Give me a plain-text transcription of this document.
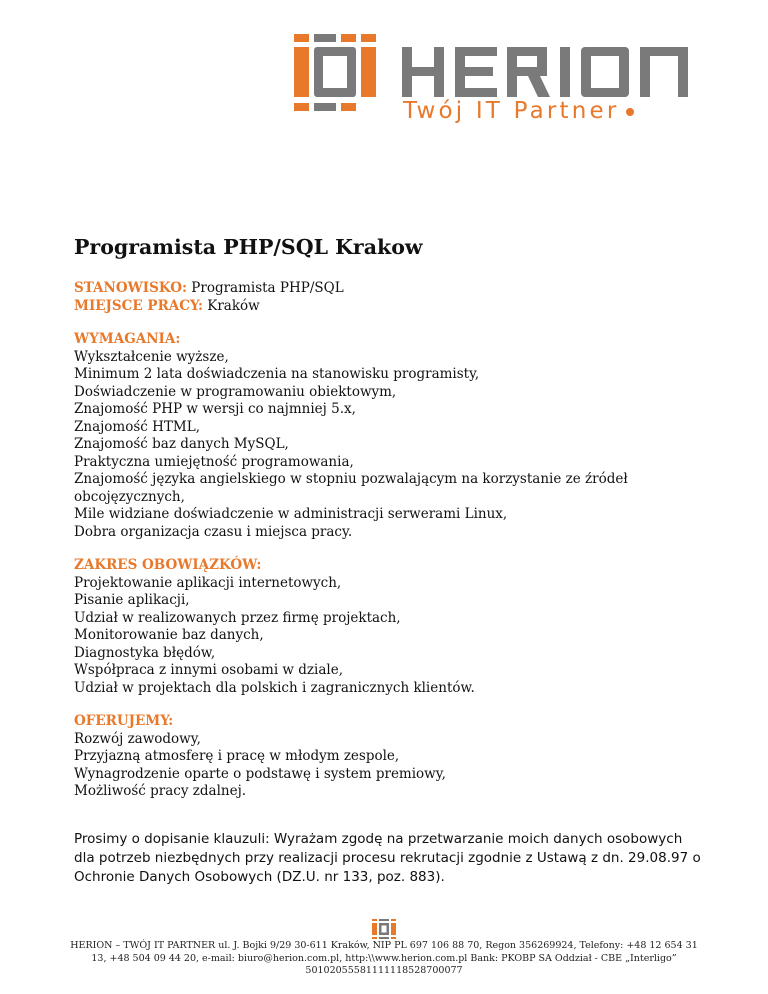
Twój IT Partner
Programista PHP/SQL Krakow
STANOWISKO: Programista PHP/SQL
MIEJSCE PRACY: Kraków
WYMAGANIA:
Wykształcenie wyższe,
Minimum 2 lata doświadczenia na stanowisku programisty,
Doświadczenie w programowaniu obiektowym,
Znajomość PHP w wersji co najmniej 5.x,
Znajomość HTML,
Znajomość baz danych MySQL,
Praktyczna umiejętność programowania,
Znajomość języka angielskiego w stopniu pozwalającym na korzystanie ze źródeł obcojęzycznych,
Mile widziane doświadczenie w administracji serwerami Linux,
Dobra organizacja czasu i miejsca pracy.
ZAKRES OBOWIĄZKÓW:
Projektowanie aplikacji internetowych,
Pisanie aplikacji,
Udział w realizowanych przez firmę projektach,
Monitorowanie baz danych,
Diagnostyka błędów,
Współpraca z innymi osobami w dziale,
Udział w projektach dla polskich i zagranicznych klientów.
OFERUJEMY:
Rozwój zawodowy,
Przyjazną atmosferę i pracę w młodym zespole,
Wynagrodzenie oparte o podstawę i system premiowy,
Możliwość pracy zdalnej.
Prosimy o dopisanie klauzuli: Wyrażam zgodę na przetwarzanie moich danych osobowych dla potrzeb niezbędnych przy realizacji procesu rekrutacji zgodnie z Ustawą z dn. 29.08.97 o Ochronie Danych Osobowych (DZ.U. nr 133, poz. 883).
HERION – TWÓJ IT PARTNER ul. J. Bojki 9/29 30-611 Kraków, NIP PL 697 106 88 70, Regon 356269924, Telefony: +48 12 654 31 13, +48 504 09 44 20, e-mail: biuro@herion.com.pl, http:\\www.herion.com.pl Bank: PKOBP SA Oddział - CBE „Interligo” 50102055581111118528700077
